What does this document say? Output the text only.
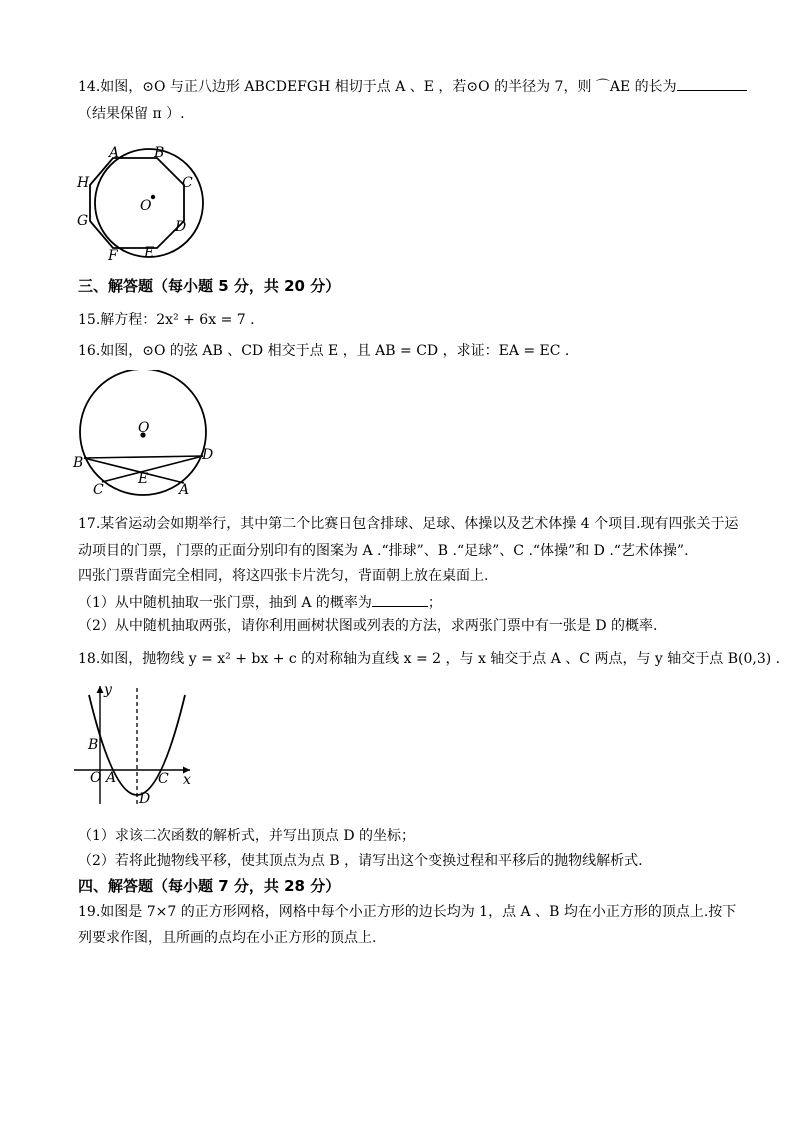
14.如图，⊙O 与正八边形 ABCDEFGH 相切于点 A 、E ，若⊙O 的半径为 7，则 ⌒AE 的长为
（结果保留 π ）.
A B
C
D
E
F
G
H
O
三、解答题（每小题 5 分，共 20 分）
15.解方程：2x² + 6x = 7 .
16.如图，⊙O 的弦 AB 、CD 相交于点 E ，且 AB = CD ，求证：EA = EC .
O
B	D
E
C	A
17.某省运动会如期举行，其中第二个比赛日包含排球、足球、体操以及艺术体操 4 个项目.现有四张关于运
动项目的门票，门票的正面分别印有的图案为 A .“排球”、B .“足球”、C .“体操”和 D .“艺术体操”.
四张门票背面完全相同，将这四张卡片洗匀，背面朝上放在桌面上.
（1）从中随机抽取一张门票，抽到 A 的概率为	；
（2）从中随机抽取两张，请你利用画树状图或列表的方法，求两张门票中有一张是 D 的概率.
18.如图，抛物线 y = x² + bx + c 的对称轴为直线 x = 2 ，与 x 轴交于点 A 、C 两点，与 y 轴交于点 B(0,3) .
y
x
O A
B
C
D
（1）求该二次函数的解析式，并写出顶点 D 的坐标；
（2）若将此抛物线平移，使其顶点为点 B ，请写出这个变换过程和平移后的抛物线解析式.
四、解答题（每小题 7 分，共 28 分）
19.如图是 7×7 的正方形网格，网格中每个小正方形的边长均为 1，点 A 、B 均在小正方形的顶点上.按下
列要求作图，且所画的点均在小正方形的顶点上.
